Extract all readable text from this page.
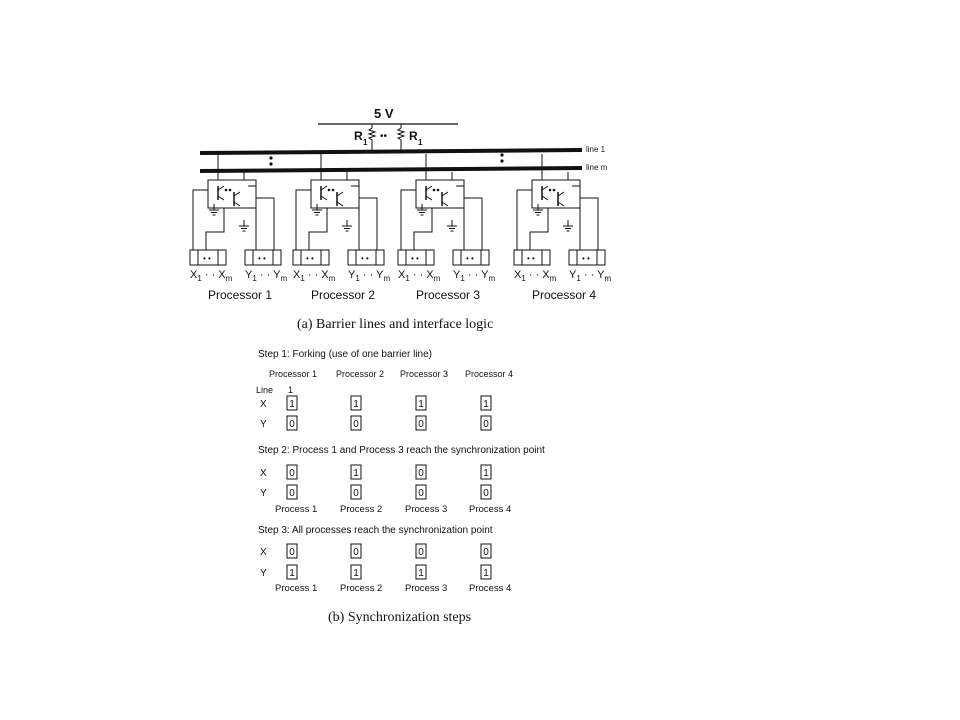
5 V
R 1	R 1
••
line 1
line m
• •	• •
$X_1$ · · $X_m$ $Y_1$ · · $Y_m$
Processor 1
• •	• •
$X_1$ · · $X_m$ $Y_1$ · · $Y_m$
Processor 2
• •	• •
$X_1$ · · $X_m$ $Y_1$ · · $Y_m$
Processor 3
• •	• •
$X_1$ · · $X_m$ $Y_1$ · · $Y_m$
Processor 4
(a) Barrier lines and interface logic
Step 1: Forking (use of one barrier line)
Processor 1 Processor 2 Processor 3 Processor 4
Line 1
X
Y
1	1	1	1
0	0	0	0
Step 2: Process 1 and Process 3 reach the synchronization point
X
Y
0	1	0	1
0	0	0	0
Process 1 Process 2 Process 3 Process 4
Step 3: All processes reach the synchronization point
X
Y
0	0	0	0
1	1	1	1
Process 1 Process 2 Process 3 Process 4
(b) Synchronization steps
